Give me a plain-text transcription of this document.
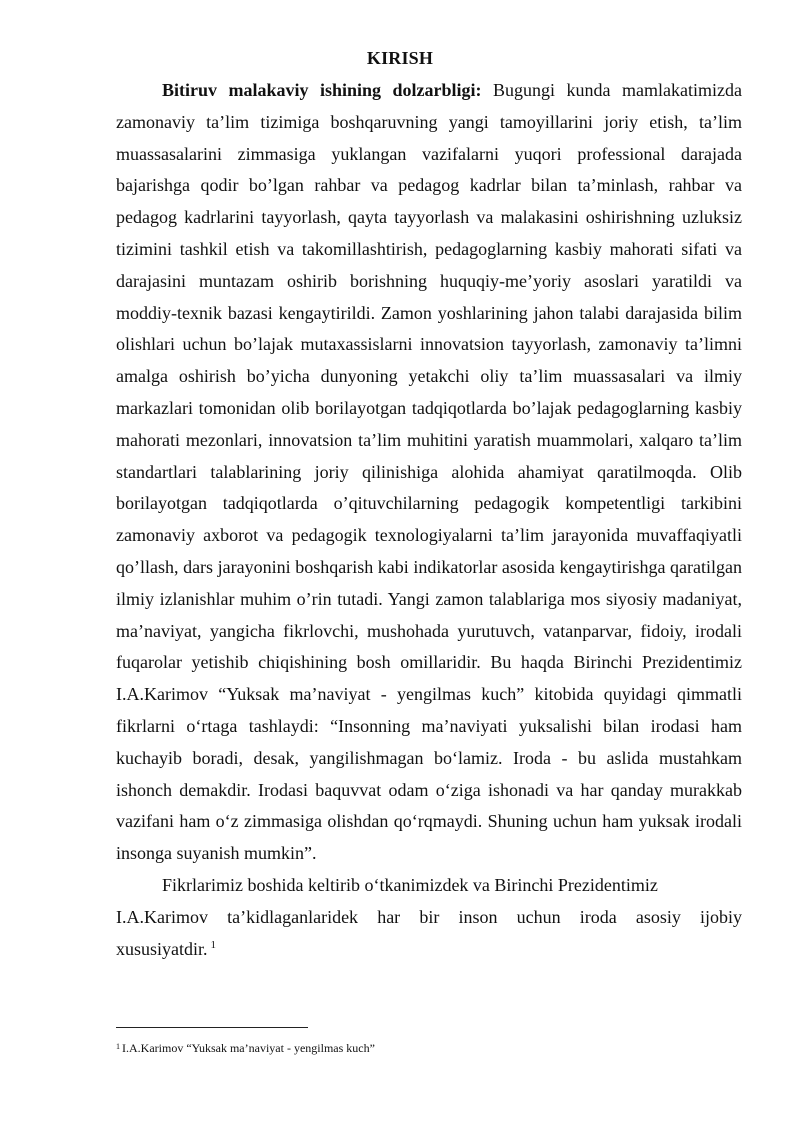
KIRISH

Bitiruv malakaviy ishining dolzarbligi: Bugungi kunda mamlakatimizda zamonaviy ta’lim tizimiga boshqaruvning yangi tamoyillarini joriy etish, ta’lim muassasalarini zimmasiga yuklangan vazifalarni yuqori professional darajada bajarishga qodir bo’lgan rahbar va pedagog kadrlar bilan ta’minlash, rahbar va pedagog kadrlarini tayyorlash, qayta tayyorlash va malakasini oshirishning uzluksiz tizimini tashkil etish va takomillashtirish, pedagoglarning kasbiy mahorati sifati va darajasini muntazam oshirib borishning huquqiy-me’yoriy asoslari yaratildi va moddiy-texnik bazasi kengaytirildi. Zamon yoshlarining jahon talabi darajasida bilim olishlari uchun bo’lajak mutaxassislarni innovatsion tayyorlash, zamonaviy ta’limni amalga oshirish bo’yicha dunyoning yetakchi oliy ta’lim muassasalari va ilmiy markazlari tomonidan olib borilayotgan tadqiqotlarda bo’lajak pedagoglarning kasbiy mahorati mezonlari, innovatsion ta’lim muhitini yaratish muammolari, xalqaro ta’lim standartlari talablarining joriy qilinishiga alohida ahamiyat qaratilmoqda. Olib borilayotgan tadqiqotlarda o’qituvchilarning pedagogik kompetentligi tarkibini zamonaviy axborot va pedagogik texnologiyalarni ta’lim jarayonida muvaffaqiyatli qo’llash, dars jarayonini boshqarish kabi indikatorlar asosida kengaytirishga qaratilgan ilmiy izlanishlar muhim o’rin tutadi. Yangi zamon talablariga mos siyosiy madaniyat, ma’naviyat, yangicha fikrlovchi, mushohada yurutuvch, vatanparvar, fidoiy, irodali fuqarolar yetishib chiqishining bosh omillaridir. Bu haqda Birinchi Prezidentimiz I.A.Karimov “Yuksak ma’naviyat - yengilmas kuch” kitobida quyidagi qimmatli fikrlarni o‘rtaga tashlaydi: “Insonning ma’naviyati yuksalishi bilan irodasi ham kuchayib boradi, desak, yangilishmagan bo‘lamiz. Iroda - bu aslida mustahkam ishonch demakdir. Irodasi baquvvat odam o‘ziga ishonadi va har qanday murakkab vazifani ham o‘z zimmasiga olishdan qo‘rqmaydi. Shuning uchun ham yuksak irodali insonga suyanish mumkin”.

Fikrlarimiz boshida keltirib o‘tkanimizdek va Birinchi Prezidentimiz
I.A.Karimov ta’kidlaganlaridek har bir inson uchun iroda asosiy ijobiy
xususiyatdir. $^1$
$^1$ I.A.Karimov “Yuksak ma’naviyat - yengilmas kuch”
